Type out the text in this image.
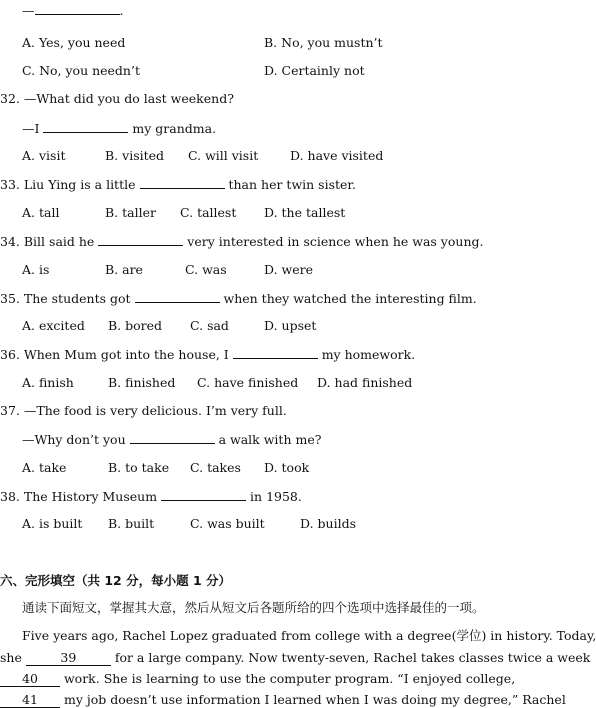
—	.
A. Yes, you need	B. No, you mustn’t
C. No, you needn’t	D. Certainly not
32. —What did you do last weekend?
—I	my grandma.
A. visit	B. visited C. will visit	D. have visited
33. Liu Ying is a little	than her twin sister.
A. tall	B. taller C. tallest D. the tallest
34. Bill said he	very interested in science when he was young.
A. is	B. are	C. was	D. were
35. The students got	when they watched the interesting film.
A. excited B. bored C. sad	D. upset
36. When Mum got into the house, I	my homework.
A. finish	B. finished C. have finished D. had finished
37. —The food is very delicious. I’m very full.
—Why don’t you	a walk with me?
A. take	B. to take C. takes D. took
38. The History Museum	in 1958.
A. is built B. built	C. was built	D. builds
六、完形填空（共 12 分，每小题 1 分）
通读下面短文，掌握其大意，然后从短文后各题所给的四个选项中选择最佳的一项。
Five years ago, Rachel Lopez graduated from college with a degree(学位) in history. Today,
she	39	for a large company. Now twenty-seven, Rachel takes classes twice a week
40 work. She is learning to use the computer program. “I enjoyed college,
41 my job doesn’t use information I learned when I was doing my degree,” Rachel
